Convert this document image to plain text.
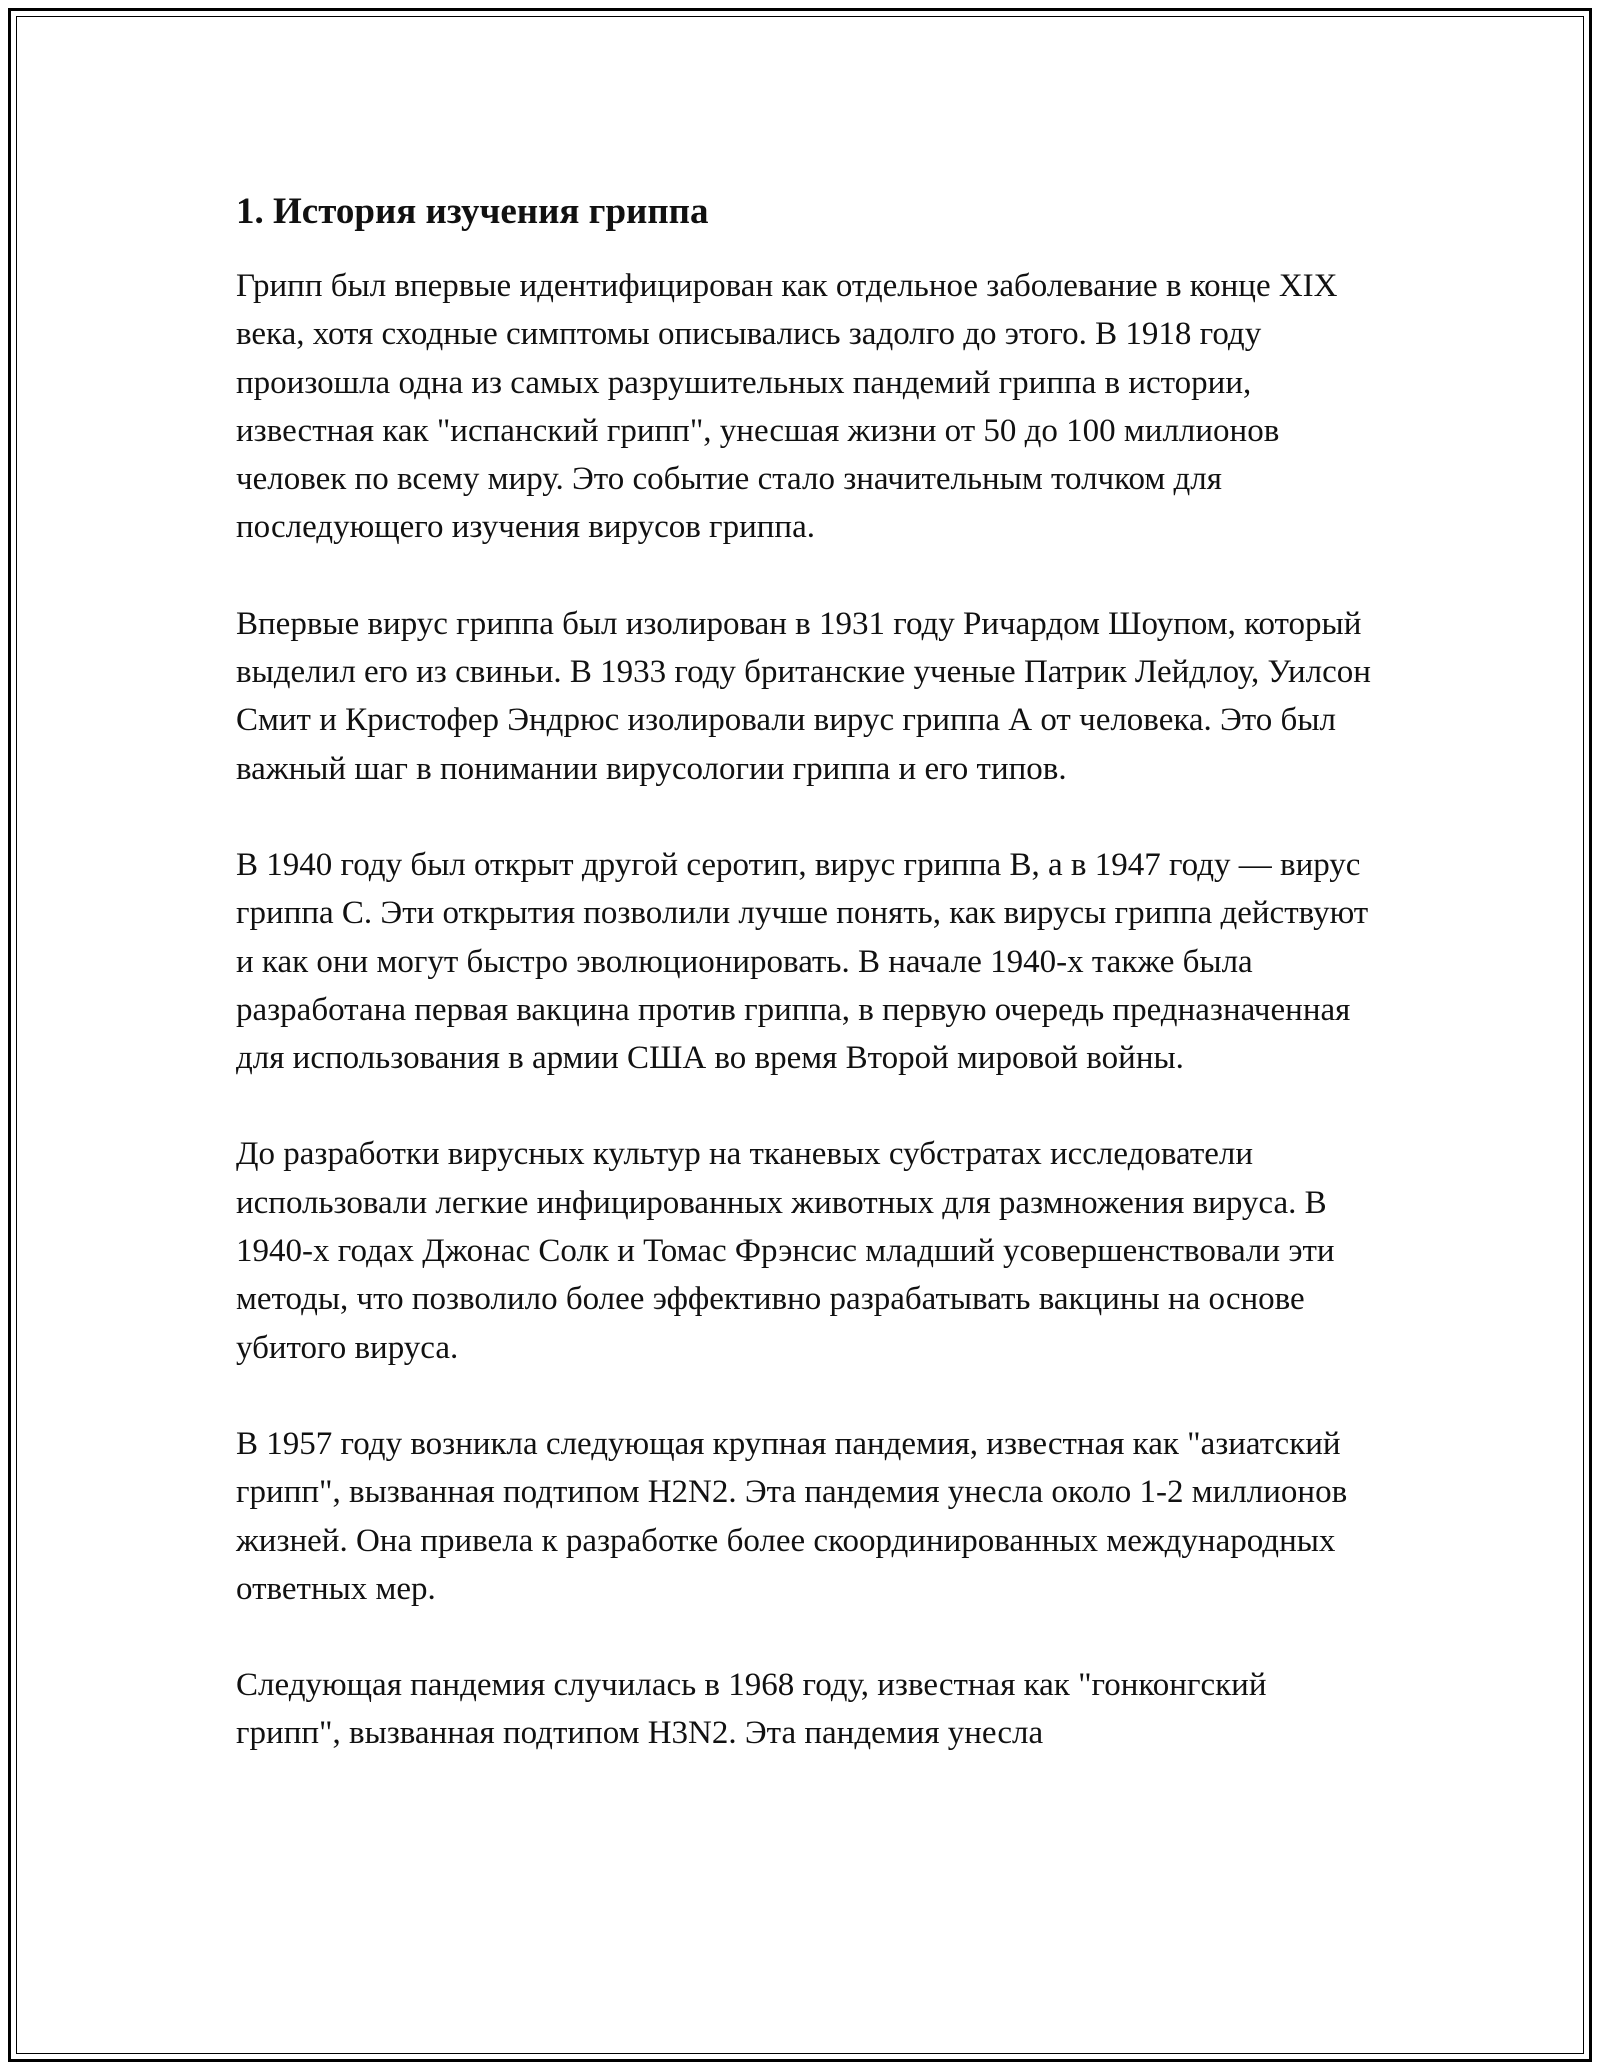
1. История изучения гриппа

Грипп был впервые идентифицирован как отдельное заболевание в конце XIX века, хотя сходные симптомы описывались задолго до этого. В 1918 году произошла одна из самых разрушительных пандемий гриппа в истории, известная как "испанский грипп", унесшая жизни от 50 до 100 миллионов человек по всему миру. Это событие стало значительным толчком для последующего изучения вирусов гриппа.

Впервые вирус гриппа был изолирован в 1931 году Ричардом Шоупом, который выделил его из свиньи. В 1933 году британские ученые Патрик Лейдлоу, Уилсон Смит и Кристофер Эндрюс изолировали вирус гриппа А от человека. Это был важный шаг в понимании вирусологии гриппа и его типов.

В 1940 году был открыт другой серотип, вирус гриппа B, а в 1947 году — вирус гриппа C. Эти открытия позволили лучше понять, как вирусы гриппа действуют и как они могут быстро эволюционировать. В начале 1940-х также была разработана первая вакцина против гриппа, в первую очередь предназначенная для использования в армии США во время Второй мировой войны.

До разработки вирусных культур на тканевых субстратах исследователи использовали легкие инфицированных животных для размножения вируса. В 1940-х годах Джонас Солк и Томас Фрэнсис младший усовершенствовали эти методы, что позволило более эффективно разрабатывать вакцины на основе убитого вируса.

В 1957 году возникла следующая крупная пандемия, известная как "азиатский грипп", вызванная подтипом H2N2. Эта пандемия унесла около 1-2 миллионов жизней. Она привела к разработке более скоординированных международных ответных мер.

Следующая пандемия случилась в 1968 году, известная как "гонконгский грипп", вызванная подтипом H3N2. Эта пандемия унесла
